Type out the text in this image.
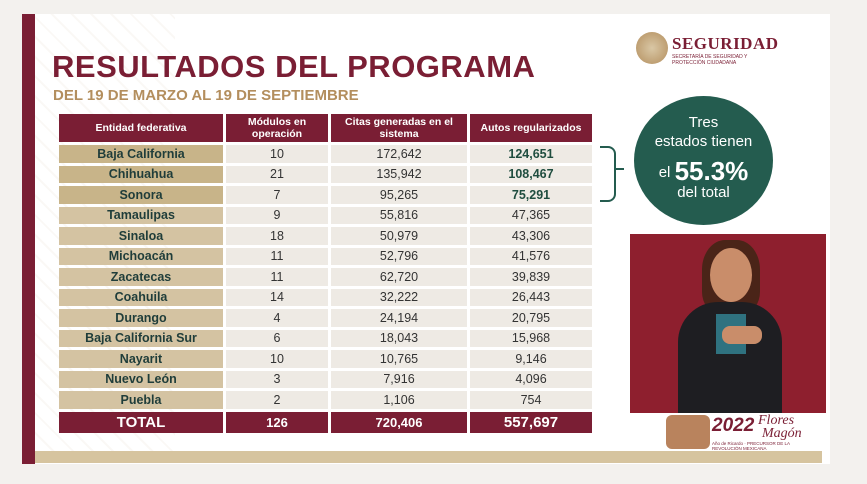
RESULTADOS DEL PROGRAMA
DEL 19 DE MARZO AL 19 DE SEPTIEMBRE
SEGURIDAD
SECRETARÍA DE SEGURIDAD Y PROTECCIÓN CIUDADANA
Entidad federativa	Módulos en operación	Citas generadas en el sistema	Autos regularizados
Baja California	10	172,642	124,651
Chihuahua	21	135,942	108,467
Sonora	7	95,265	75,291
Tamaulipas	9	55,816	47,365
Sinaloa	18	50,979	43,306
Michoacán	11	52,796	41,576
Zacatecas	11	62,720	39,839
Coahuila	14	32,222	26,443
Durango	4	24,194	20,795
Baja California Sur	6	18,043	15,968
Nayarit	10	10,765	9,146
Nuevo León	3	7,916	4,096
Puebla	2	1,106	754
TOTAL	126	720,406	557,697
Tres
estados tienen
el 55.3%
del total
2022 Flores
Magón
Año de Ricardo · PRECURSOR DE LA REVOLUCIÓN MEXICANA
